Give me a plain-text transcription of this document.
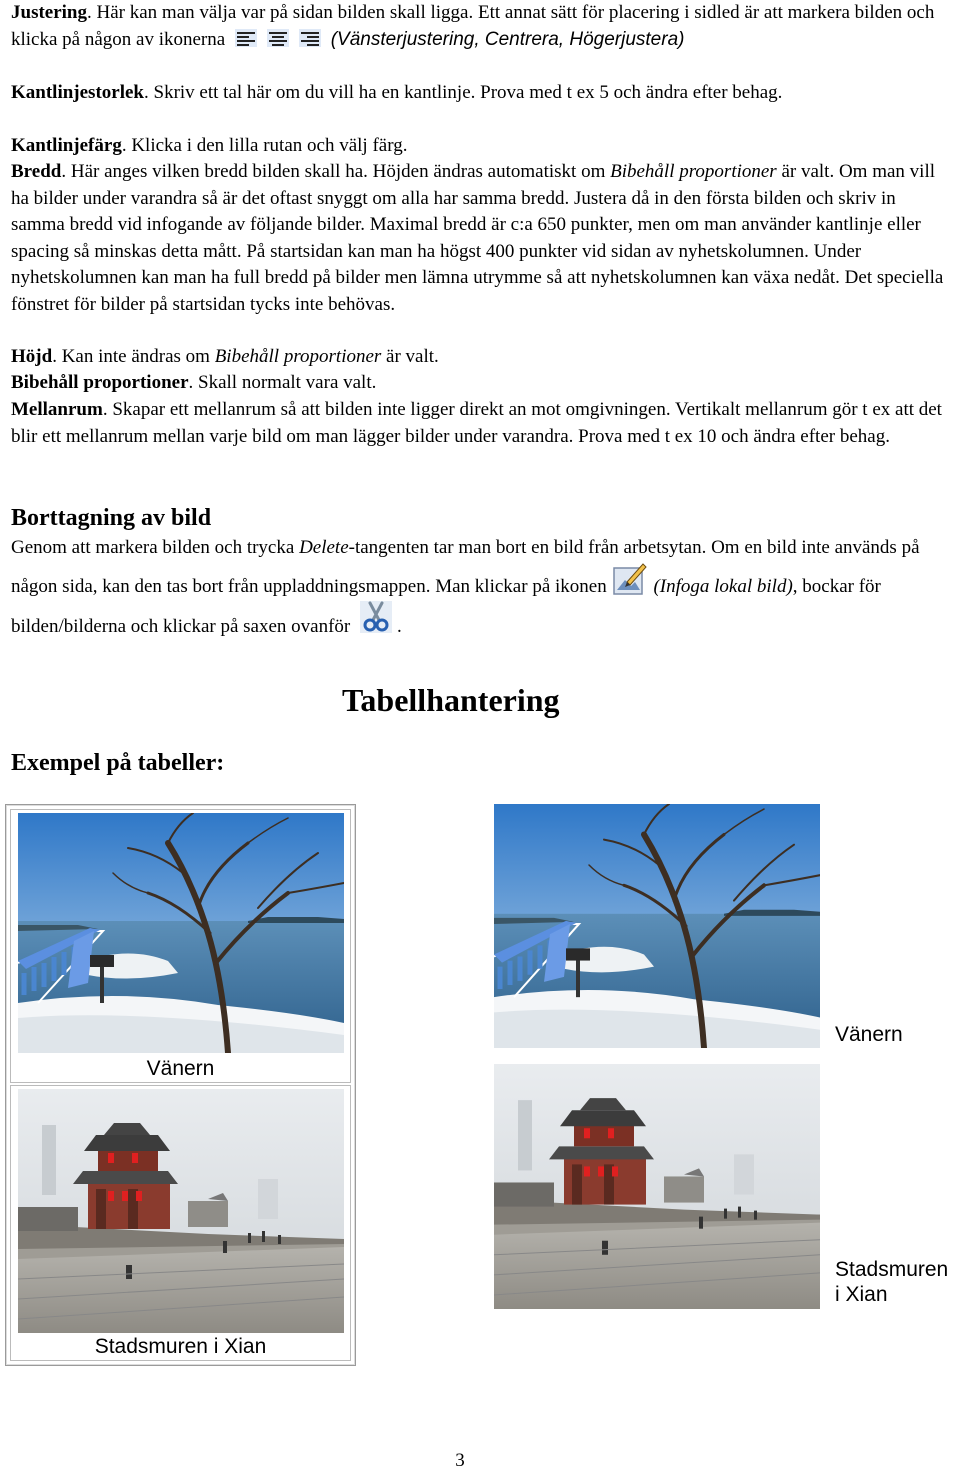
Justering. Här kan man välja var på sidan bilden skall ligga. Ett annat sätt för placering i sidled är att markera bilden och klicka på någon av ikonerna	(Vänsterjustering, Centrera, Högerjustera)
Kantlinjestorlek. Skriv ett tal här om du vill ha en kantlinje. Prova med t ex 5 och ändra efter behag.
Kantlinjefärg. Klicka i den lilla rutan och välj färg.
Bredd. Här anges vilken bredd bilden skall ha. Höjden ändras automatiskt om Bibehåll proportioner är valt. Om man vill ha bilder under varandra så är det oftast snyggt om alla har samma bredd. Justera då in den första bilden och skriv in samma bredd vid infogande av följande bilder. Maximal bredd är c:a 650 punkter, men om man använder kantlinje eller spacing så minskas detta mått. På startsidan kan man ha högst 400 punkter vid sidan av nyhetskolumnen. Under nyhetskolumnen kan man ha full bredd på bilder men lämna utrymme så att nyhetskolumnen kan växa nedåt. Det speciella fönstret för bilder på startsidan tycks inte behövas.
Höjd. Kan inte ändras om Bibehåll proportioner är valt.
Bibehåll proportioner. Skall normalt vara valt.
Mellanrum. Skapar ett mellanrum så att bilden inte ligger direkt an mot omgivningen. Vertikalt mellanrum gör t ex att det blir ett mellanrum mellan varje bild om man lägger bilder under varandra. Prova med t ex 10 och ändra efter behag.
Borttagning av bild
Genom att markera bilden och trycka Delete-tangenten tar man bort en bild från arbetsytan. Om en bild inte används på någon sida, kan den tas bort från uppladdningsmappen. Man klickar på ikonen (Infoga lokal bild), bockar för bilden/bilderna och klickar på saxen ovanför .
Tabellhantering
Exempel på tabeller:
Vänern
Stadsmuren i Xian
Vänern
Stadsmuren
i Xian
3
